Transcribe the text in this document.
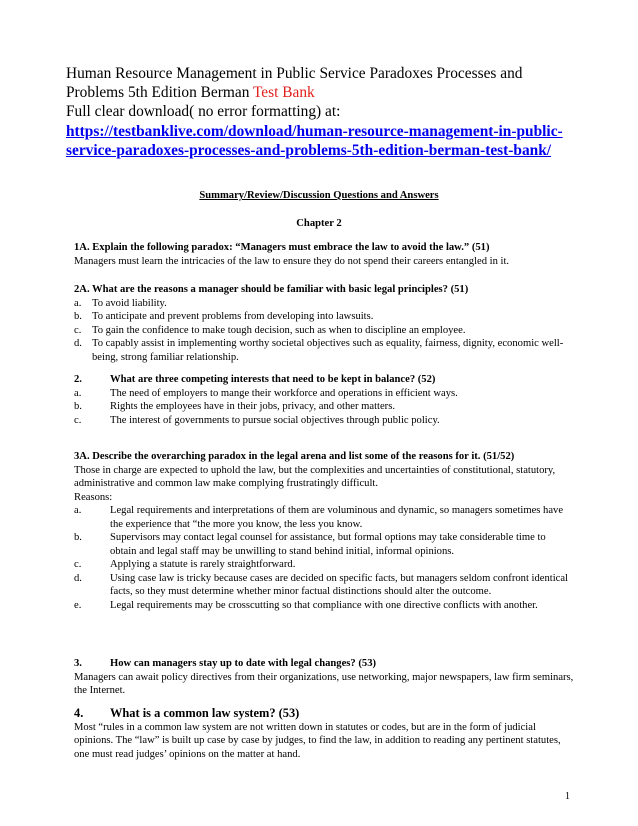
Human Resource Management in Public Service Paradoxes Processes and Problems 5th Edition Berman Test Bank
Full clear download( no error formatting) at:
https://testbanklive.com/download/human-resource-management-in-public-service-paradoxes-processes-and-problems-5th-edition-berman-test-bank/
Summary/Review/Discussion Questions and Answers
Chapter 2
1A. Explain the following paradox: “Managers must embrace the law to avoid the law.” (51)
Managers must learn the intricacies of the law to ensure they do not spend their careers entangled in it.
2A. What are the reasons a manager should be familiar with basic legal principles? (51)
a.	To avoid liability.
b. To anticipate and prevent problems from developing into lawsuits.
c.	To gain the confidence to make tough decision, such as when to discipline an employee.
d. To capably assist in implementing worthy societal objectives such as equality, fairness, dignity, economic well-being, strong familiar relationship.
2.	What are three competing interests that need to be kept in balance? (52)
a.	The need of employers to mange their workforce and operations in efficient ways.
b.	Rights the employees have in their jobs, privacy, and other matters.
c.	The interest of governments to pursue social objectives through public policy.
3A. Describe the overarching paradox in the legal arena and list some of the reasons for it. (51/52)
Those in charge are expected to uphold the law, but the complexities and uncertainties of constitutional, statutory, administrative and common law make complying frustratingly difficult.
Reasons:
a.	Legal requirements and interpretations of them are voluminous and dynamic, so managers sometimes have the experience that “the more you know, the less you know.
b.	Supervisors may contact legal counsel for assistance, but formal options may take considerable time to obtain and legal staff may be unwilling to stand behind initial, informal opinions.
c.	Applying a statute is rarely straightforward.
d.	Using case law is tricky because cases are decided on specific facts, but managers seldom confront identical facts, so they must determine whether minor factual distinctions should alter the outcome.
e.	Legal requirements may be crosscutting so that compliance with one directive conflicts with another.
3.	How can managers stay up to date with legal changes? (53)
Managers can await policy directives from their organizations, use networking, major newspapers, law firm seminars, the Internet.
4.	What is a common law system? (53)
Most “rules in a common law system are not written down in statutes or codes, but are in the form of judicial opinions. The “law” is built up case by case by judges, to find the law, in addition to reading any pertinent statutes, one must read judges’ opinions on the matter at hand.
1
